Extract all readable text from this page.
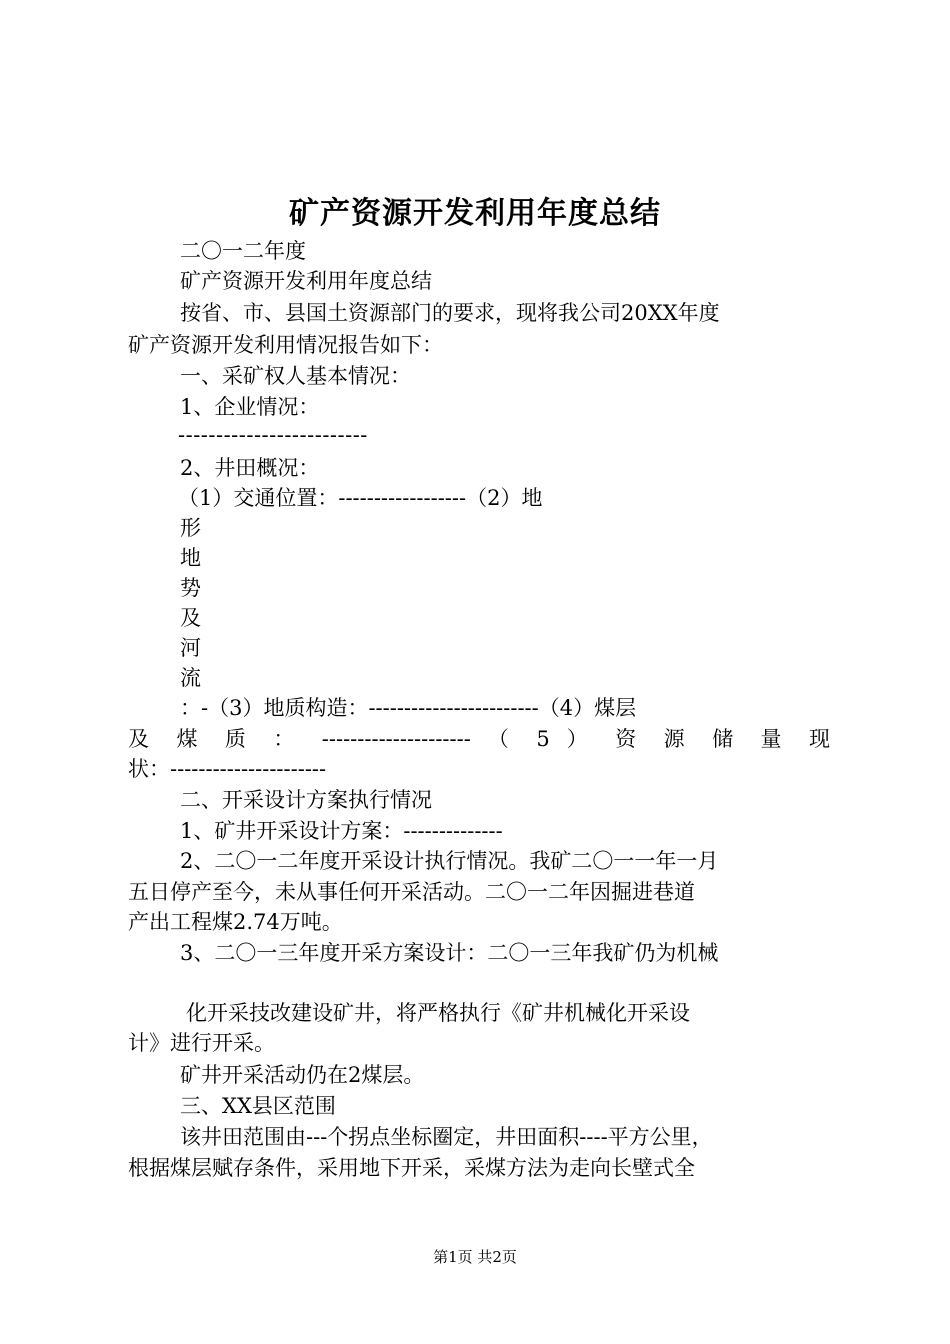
矿产资源开发利用年度总结
二〇一二年度
矿产资源开发利用年度总结
按省、市、县国土资源部门的要求，现将我公司20XX年度
矿产资源开发利用情况报告如下：
一、采矿权人基本情况：
1、企业情况：
-------------------------
2、井田概况：
（1）交通位置：------------------（2）地
形
地
势
及
河
流
：-（3）地质构造：------------------------（4）煤层
及 煤 质 ： --------------------- （ 5 ） 资 源 储 量 现
状：----------------------
二、开采设计方案执行情况
1、矿井开采设计方案：--------------
2、二〇一二年度开采设计执行情况。我矿二〇一一年一月
五日停产至今，未从事任何开采活动。二〇一二年因掘进巷道
产出工程煤2.74万吨。
3、二〇一三年度开采方案设计：二〇一三年我矿仍为机械
化开采技改建设矿井，将严格执行《矿井机械化开采设
计》进行开采。
矿井开采活动仍在2煤层。
三、XX县区范围
该井田范围由---个拐点坐标圈定，井田面积----平方公里，
根据煤层赋存条件，采用地下开采，采煤方法为走向长壁式全
第1页 共2页
